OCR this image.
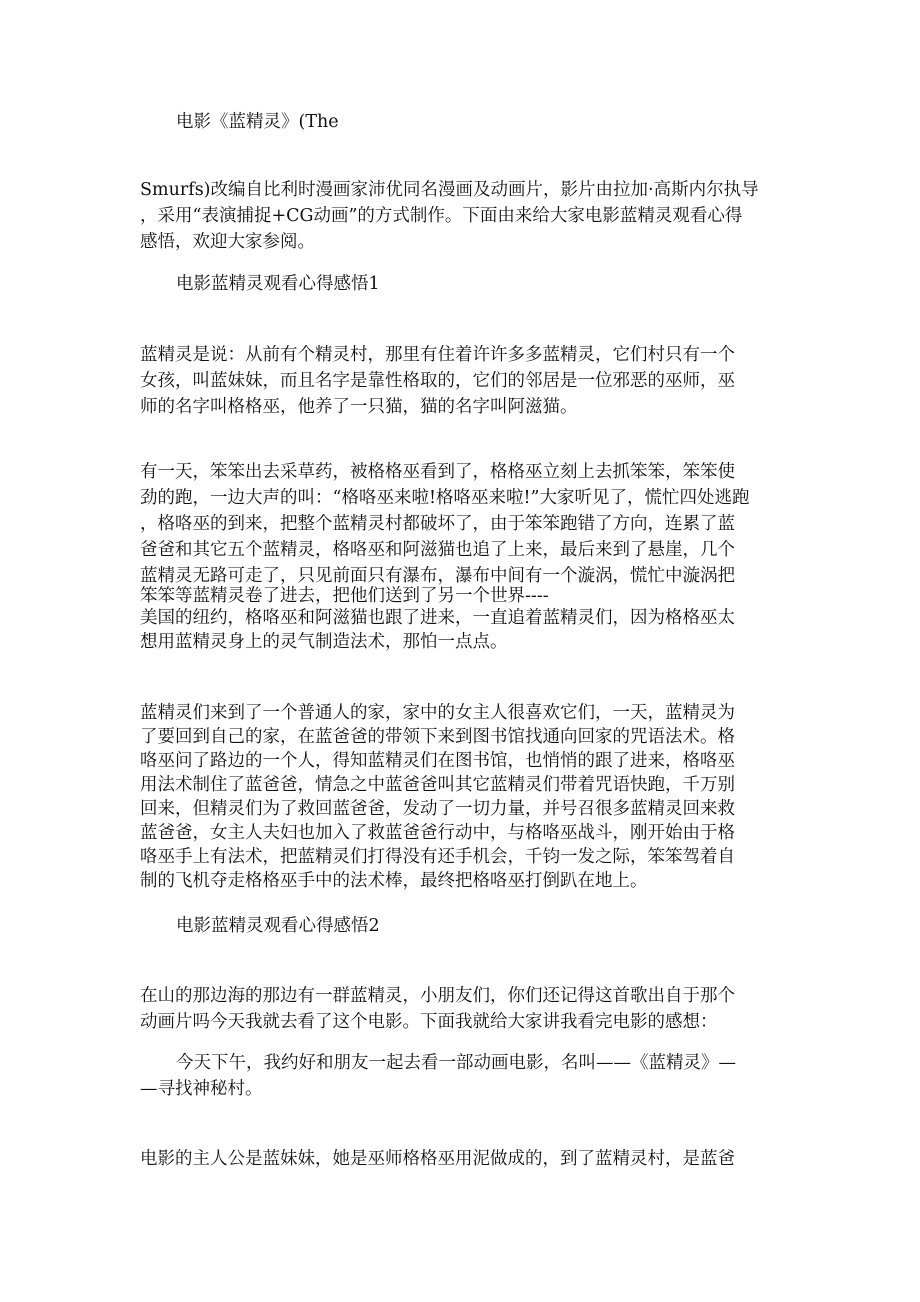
电影《蓝精灵》(The

Smurfs)改编自比利时漫画家沛优同名漫画及动画片，影片由拉加·高斯内尔执导

，采用“表演捕捉+CG动画”的方式制作。下面由来给大家电影蓝精灵观看心得

感悟，欢迎大家参阅。

电影蓝精灵观看心得感悟1

蓝精灵是说：从前有个精灵村，那里有住着许许多多蓝精灵，它们村只有一个

女孩，叫蓝妹妹，而且名字是靠性格取的，它们的邻居是一位邪恶的巫师，巫

师的名字叫格格巫，他养了一只猫，猫的名字叫阿滋猫。

有一天，笨笨出去采草药，被格格巫看到了，格格巫立刻上去抓笨笨，笨笨使

劲的跑，一边大声的叫：“格咯巫来啦!格咯巫来啦!”大家听见了，慌忙四处逃跑

，格咯巫的到来，把整个蓝精灵村都破坏了，由于笨笨跑错了方向，连累了蓝

爸爸和其它五个蓝精灵，格咯巫和阿滋猫也追了上来，最后来到了悬崖，几个

蓝精灵无路可走了，只见前面只有瀑布，瀑布中间有一个漩涡，慌忙中漩涡把

笨笨等蓝精灵卷了进去，把他们送到了另一个世界----

美国的纽约，格咯巫和阿滋猫也跟了进来，一直追着蓝精灵们，因为格格巫太

想用蓝精灵身上的灵气制造法术，那怕一点点。

蓝精灵们来到了一个普通人的家，家中的女主人很喜欢它们，一天，蓝精灵为

了要回到自己的家，在蓝爸爸的带领下来到图书馆找通向回家的咒语法术。格

咯巫问了路边的一个人，得知蓝精灵们在图书馆，也悄悄的跟了进来，格咯巫

用法术制住了蓝爸爸，情急之中蓝爸爸叫其它蓝精灵们带着咒语快跑，千万别

回来，但精灵们为了救回蓝爸爸，发动了一切力量，并号召很多蓝精灵回来救

蓝爸爸，女主人夫妇也加入了救蓝爸爸行动中，与格咯巫战斗，刚开始由于格

咯巫手上有法术，把蓝精灵们打得没有还手机会，千钧一发之际，笨笨驾着自

制的飞机夺走格格巫手中的法术棒，最终把格咯巫打倒趴在地上。

电影蓝精灵观看心得感悟2

在山的那边海的那边有一群蓝精灵，小朋友们，你们还记得这首歌出自于那个

动画片吗今天我就去看了这个电影。下面我就给大家讲我看完电影的感想：

今天下午，我约好和朋友一起去看一部动画电影，名叫——《蓝精灵》—

—寻找神秘村。

电影的主人公是蓝妹妹，她是巫师格格巫用泥做成的，到了蓝精灵村，是蓝爸
